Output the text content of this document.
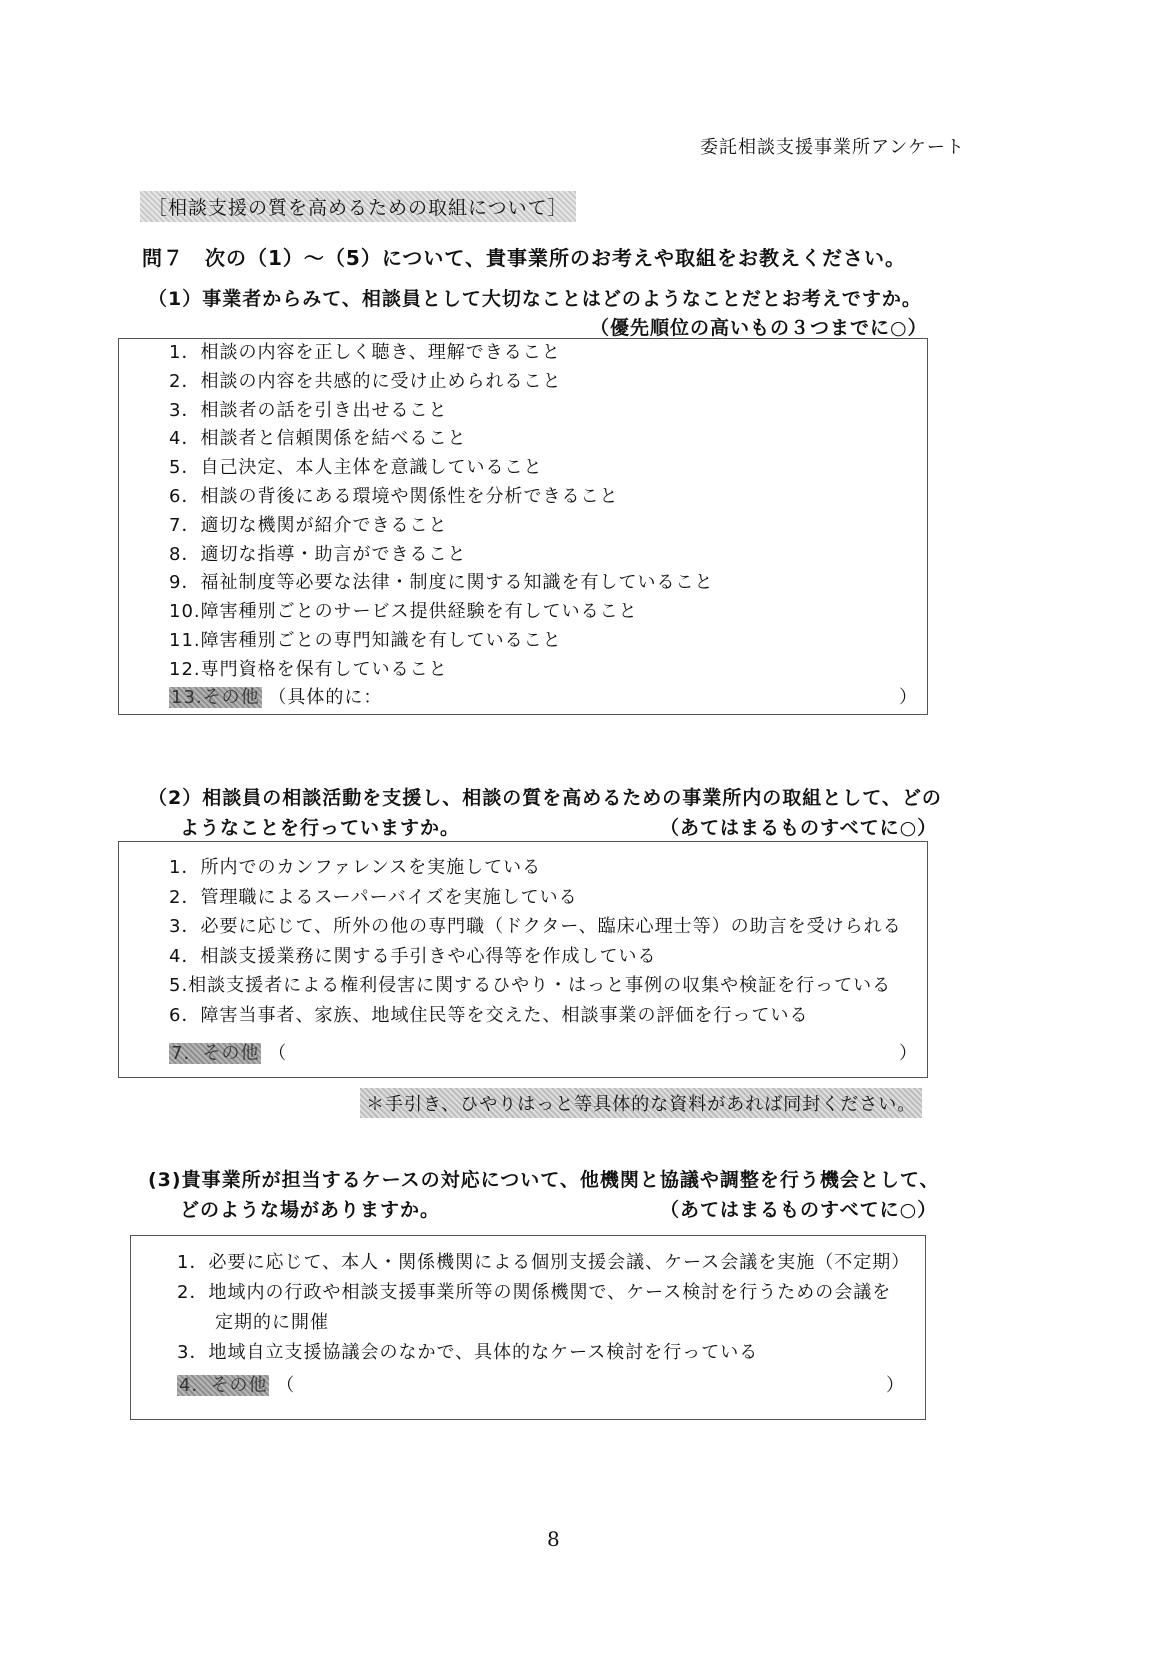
委託相談支援事業所アンケート
［相談支援の質を高めるための取組について］
問７　次の（1）～（5）について、貴事業所のお考えや取組をお教えください。
（1）事業者からみて、相談員として大切なことはどのようなことだとお考えですか。
（優先順位の高いもの３つまでに○）
1．相談の内容を正しく聴き、理解できること
2．相談の内容を共感的に受け止められること
3．相談者の話を引き出せること
4．相談者と信頼関係を結べること
5．自己決定、本人主体を意識していること
6．相談の背後にある環境や関係性を分析できること
7．適切な機関が紹介できること
8．適切な指導・助言ができること
9．福祉制度等必要な法律・制度に関する知識を有していること
10.障害種別ごとのサービス提供経験を有していること
11.障害種別ごとの専門知識を有していること
12.専門資格を保有していること
13.その他 （具体的に：	）
（2）相談員の相談活動を支援し、相談の質を高めるための事業所内の取組として、どの
ようなことを行っていますか。	（あてはまるものすべてに○）
1．所内でのカンファレンスを実施している
2．管理職によるスーパーバイズを実施している
3．必要に応じて、所外の他の専門職（ドクター、臨床心理士等）の助言を受けられる
4．相談支援業務に関する手引きや心得等を作成している
5.相談支援者による権利侵害に関するひやり・はっと事例の収集や検証を行っている
6．障害当事者、家族、地域住民等を交えた、相談事業の評価を行っている
7．その他 （	）
＊手引き、ひやりはっと等具体的な資料があれば同封ください。
(3)貴事業所が担当するケースの対応について、他機関と協議や調整を行う機会として、
どのような場がありますか。	（あてはまるものすべてに○）
1．必要に応じて、本人・関係機関による個別支援会議、ケース会議を実施（不定期）
2．地域内の行政や相談支援事業所等の関係機関で、ケース検討を行うための会議を
　　定期的に開催
3．地域自立支援協議会のなかで、具体的なケース検討を行っている
4．その他 （	）
8
